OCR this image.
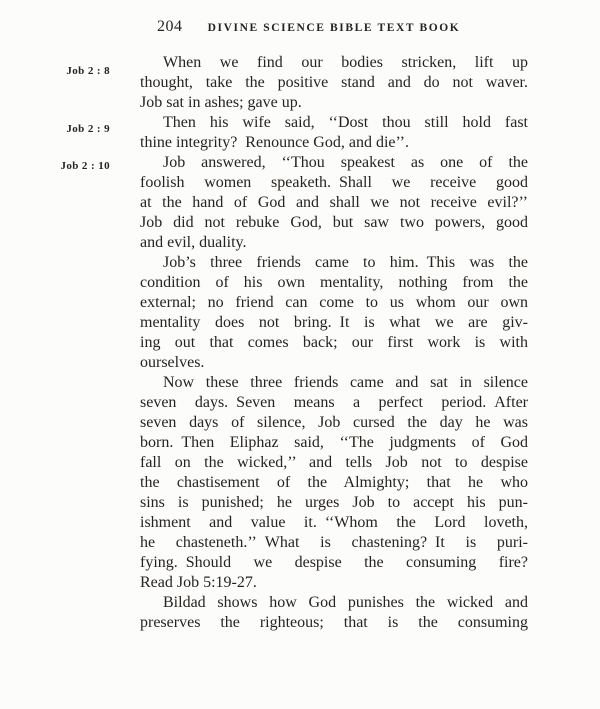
204	DIVINE SCIENCE BIBLE TEXT BOOK
Job 2 : 8
Job 2 : 9
Job 2 : 10
When we find our bodies stricken, lift up
thought, take the positive stand and do not waver.
Job sat in ashes; gave up.
Then his wife said, ‘‘Dost thou still hold fast
thine integrity? Renounce God, and die’’.
Job answered, ‘‘Thou speakest as one of the
foolish women speaketh. Shall we receive good
at the hand of God and shall we not receive evil?’’
Job did not rebuke God, but saw two powers, good
and evil, duality.
Job’s three friends came to him. This was the
condition of his own mentality, nothing from the
external; no friend can come to us whom our own
mentality does not bring. It is what we are giv-
ing out that comes back; our first work is with
ourselves.
Now these three friends came and sat in silence
seven days. Seven means a perfect period. After
seven days of silence, Job cursed the day he was
born. Then Eliphaz said, ‘‘The judgments of God
fall on the wicked,’’ and tells Job not to despise
the chastisement of the Almighty; that he who
sins is punished; he urges Job to accept his pun-
ishment and value it. ‘‘Whom the Lord loveth,
he chasteneth.’’ What is chastening? It is puri-
fying. Should we despise the consuming fire?
Read Job 5:19-27.
Bildad shows how God punishes the wicked and
preserves the righteous; that is the consuming
